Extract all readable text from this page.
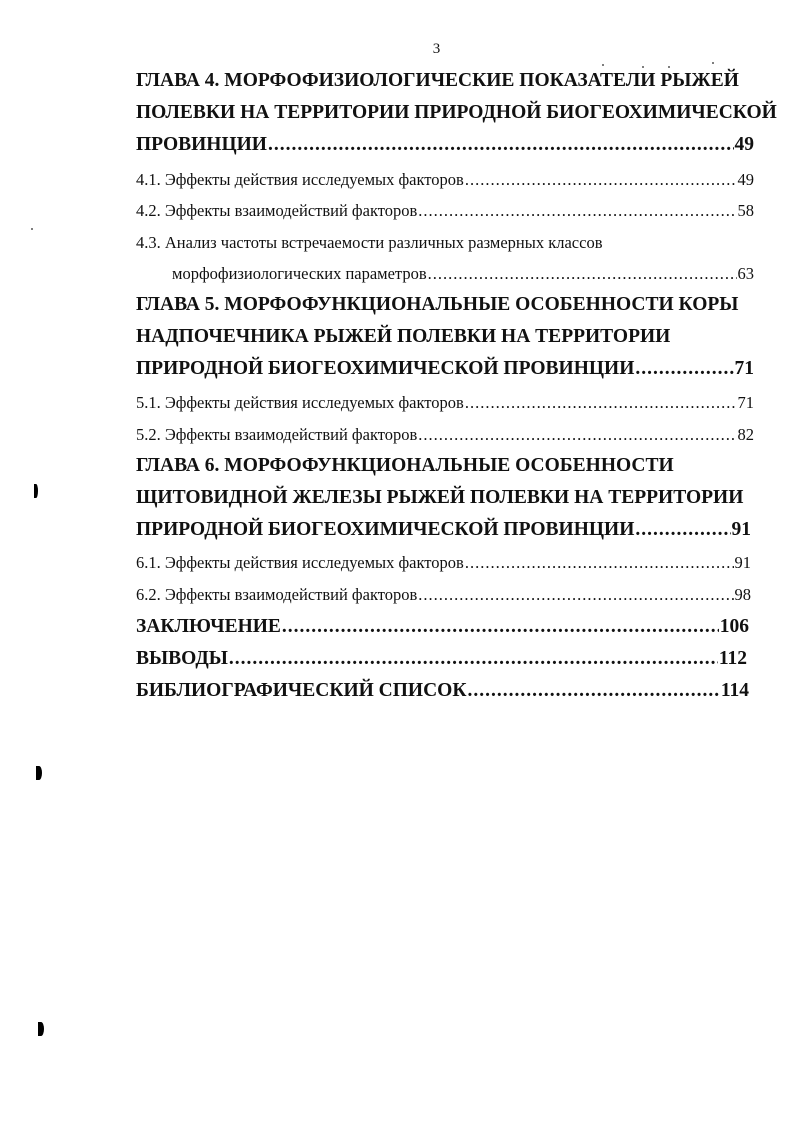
3
ГЛАВА 4. МОРФОФИЗИОЛОГИЧЕСКИЕ ПОКАЗАТЕЛИ РЫЖЕЙ
ПОЛЕВКИ НА ТЕРРИТОРИИ ПРИРОДНОЙ БИОГЕОХИМИЧЕСКОЙ
ПРОВИНЦИИ .....	49
4.1. Эффекты действия исследуемых факторов .....	49
4.2. Эффекты взаимодействий факторов .....	58
4.3. Анализ частоты встречаемости различных размерных классов
морфофизиологических параметров .....	63
ГЛАВА 5. МОРФОФУНКЦИОНАЛЬНЫЕ ОСОБЕННОСТИ КОРЫ
НАДПОЧЕЧНИКА РЫЖЕЙ ПОЛЕВКИ НА ТЕРРИТОРИИ
ПРИРОДНОЙ БИОГЕОХИМИЧЕСКОЙ ПРОВИНЦИИ .....	71
5.1. Эффекты действия исследуемых факторов .....	71
5.2. Эффекты взаимодействий факторов .....	82
ГЛАВА 6. МОРФОФУНКЦИОНАЛЬНЫЕ ОСОБЕННОСТИ
ЩИТОВИДНОЙ ЖЕЛЕЗЫ РЫЖЕЙ ПОЛЕВКИ НА ТЕРРИТОРИИ
ПРИРОДНОЙ БИОГЕОХИМИЧЕСКОЙ ПРОВИНЦИИ .....	91
6.1. Эффекты действия исследуемых факторов .....	91
6.2. Эффекты взаимодействий факторов .....	98
ЗАКЛЮЧЕНИЕ .....	106
ВЫВОДЫ .....	112
БИБЛИОГРАФИЧЕСКИЙ СПИСОК .....	114
